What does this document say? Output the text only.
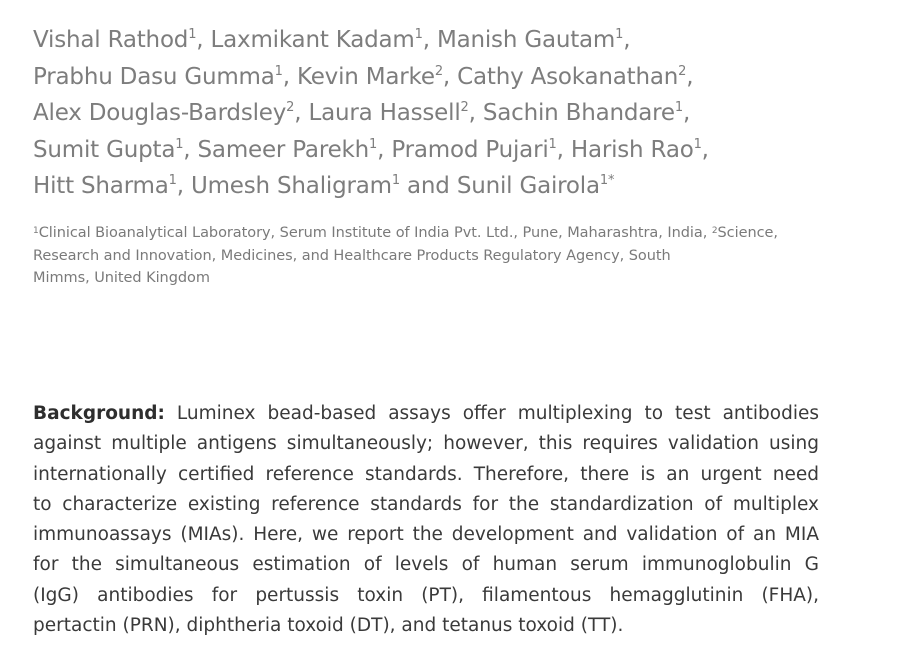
Vishal Rathod$^1$, Laxmikant Kadam$^1$, Manish Gautam$^1$,
Prabhu Dasu Gumma$^1$, Kevin Marke$^2$, Cathy Asokanathan$^2$,
Alex Douglas-Bardsley$^2$, Laura Hassell$^2$, Sachin Bhandare$^1$,
Sumit Gupta$^1$, Sameer Parekh$^1$, Pramod Pujari$^1$, Harish Rao$^1$,
Hitt Sharma$^1$, Umesh Shaligram$^1$ and Sunil Gairola$^{1*}$
$^1$Clinical Bioanalytical Laboratory, Serum Institute of India Pvt. Ltd., Pune, Maharashtra, India, $^2$Science,
Research and Innovation, Medicines, and Healthcare Products Regulatory Agency, South
Mimms, United Kingdom
Background: Luminex bead-based assays offer multiplexing to test antibodies
against multiple antigens simultaneously; however, this requires validation using
internationally certified reference standards. Therefore, there is an urgent need
to characterize existing reference standards for the standardization of multiplex
immunoassays (MIAs). Here, we report the development and validation of an MIA
for the simultaneous estimation of levels of human serum immunoglobulin G
(IgG) antibodies for pertussis toxin (PT), filamentous hemagglutinin (FHA),
pertactin (PRN), diphtheria toxoid (DT), and tetanus toxoid (TT).
